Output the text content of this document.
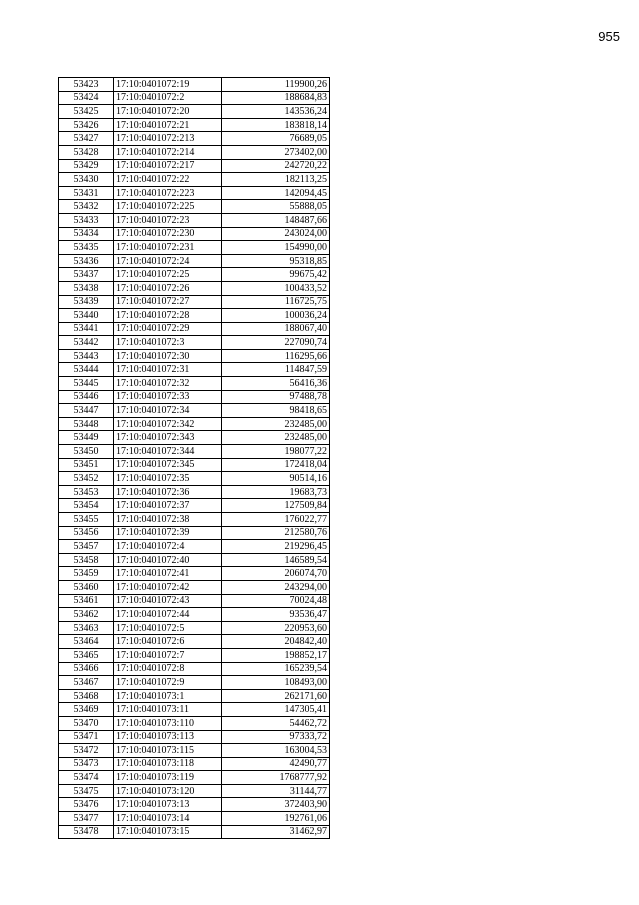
955
53423	17:10:0401072:19	119900,26
53424	17:10:0401072:2	188684,83
53425	17:10:0401072:20	143536,24
53426	17:10:0401072:21	183818,14
53427	17:10:0401072:213	76689,05
53428	17:10:0401072:214	273402,00
53429	17:10:0401072:217	242720,22
53430	17:10:0401072:22	182113,25
53431	17:10:0401072:223	142094,45
53432	17:10:0401072:225	55888,05
53433	17:10:0401072:23	148487,66
53434	17:10:0401072:230	243024,00
53435	17:10:0401072:231	154990,00
53436	17:10:0401072:24	95318,85
53437	17:10:0401072:25	99675,42
53438	17:10:0401072:26	100433,52
53439	17:10:0401072:27	116725,75
53440	17:10:0401072:28	100036,24
53441	17:10:0401072:29	188067,40
53442	17:10:0401072:3	227090,74
53443	17:10:0401072:30	116295,66
53444	17:10:0401072:31	114847,59
53445	17:10:0401072:32	56416,36
53446	17:10:0401072:33	97488,78
53447	17:10:0401072:34	98418,65
53448	17:10:0401072:342	232485,00
53449	17:10:0401072:343	232485,00
53450	17:10:0401072:344	198077,22
53451	17:10:0401072:345	172418,04
53452	17:10:0401072:35	90514,16
53453	17:10:0401072:36	19683,73
53454	17:10:0401072:37	127509,84
53455	17:10:0401072:38	176022,77
53456	17:10:0401072:39	212580,76
53457	17:10:0401072:4	219296,45
53458	17:10:0401072:40	146589,54
53459	17:10:0401072:41	206074,70
53460	17:10:0401072:42	243294,00
53461	17:10:0401072:43	70024,48
53462	17:10:0401072:44	93536,47
53463	17:10:0401072:5	220953,60
53464	17:10:0401072:6	204842,40
53465	17:10:0401072:7	198852,17
53466	17:10:0401072:8	165239,54
53467	17:10:0401072:9	108493,00
53468	17:10:0401073:1	262171,60
53469	17:10:0401073:11	147305,41
53470	17:10:0401073:110	54462,72
53471	17:10:0401073:113	97333,72
53472	17:10:0401073:115	163004,53
53473	17:10:0401073:118	42490,77
53474	17:10:0401073:119	1768777,92
53475	17:10:0401073:120	31144,77
53476	17:10:0401073:13	372403,90
53477	17:10:0401073:14	192761,06
53478	17:10:0401073:15	31462,97
